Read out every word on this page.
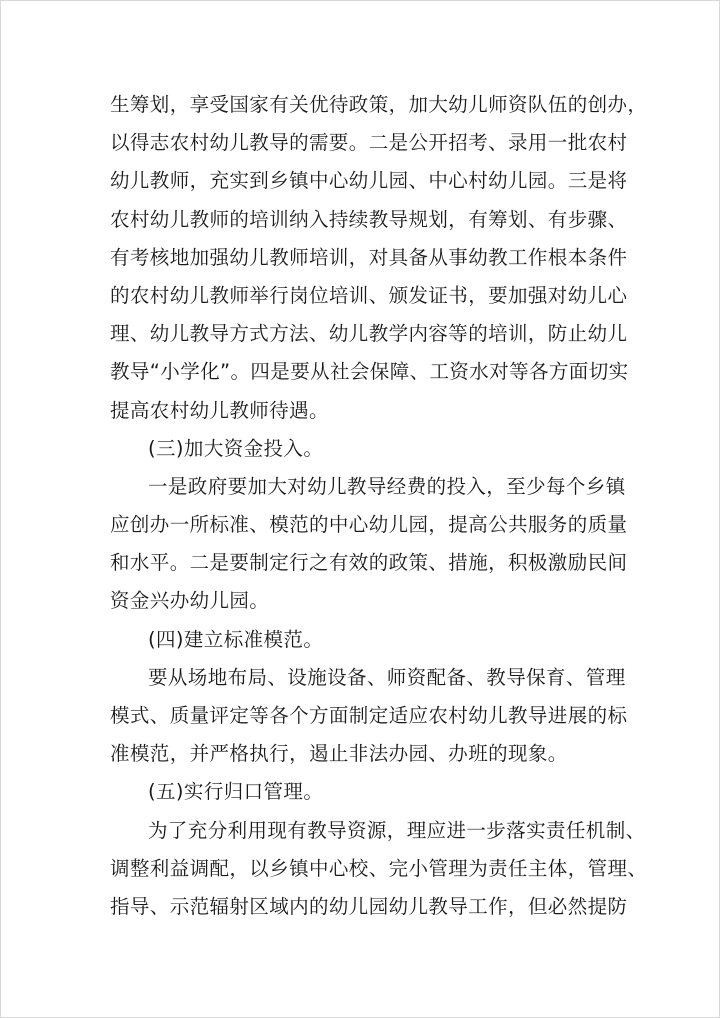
生筹划，享受国家有关优待政策，加大幼儿师资队伍的创办，
以得志农村幼儿教导的需要。二是公开招考、录用一批农村
幼儿教师，充实到乡镇中心幼儿园、中心村幼儿园。三是将
农村幼儿教师的培训纳入持续教导规划，有筹划、有步骤、
有考核地加强幼儿教师培训，对具备从事幼教工作根本条件
的农村幼儿教师举行岗位培训、颁发证书，要加强对幼儿心
理、幼儿教导方式方法、幼儿教学内容等的培训，防止幼儿
教导“小学化”。四是要从社会保障、工资水对等各方面切实
提高农村幼儿教师待遇。
(三)加大资金投入。
一是政府要加大对幼儿教导经费的投入，至少每个乡镇
应创办一所标准、模范的中心幼儿园，提高公共服务的质量
和水平。二是要制定行之有效的政策、措施，积极激励民间
资金兴办幼儿园。
(四)建立标准模范。
要从场地布局、设施设备、师资配备、教导保育、管理
模式、质量评定等各个方面制定适应农村幼儿教导进展的标
准模范，并严格执行，遏止非法办园、办班的现象。
(五)实行归口管理。
为了充分利用现有教导资源，理应进一步落实责任机制、
调整利益调配，以乡镇中心校、完小管理为责任主体，管理、
指导、示范辐射区域内的幼儿园幼儿教导工作，但必然提防
